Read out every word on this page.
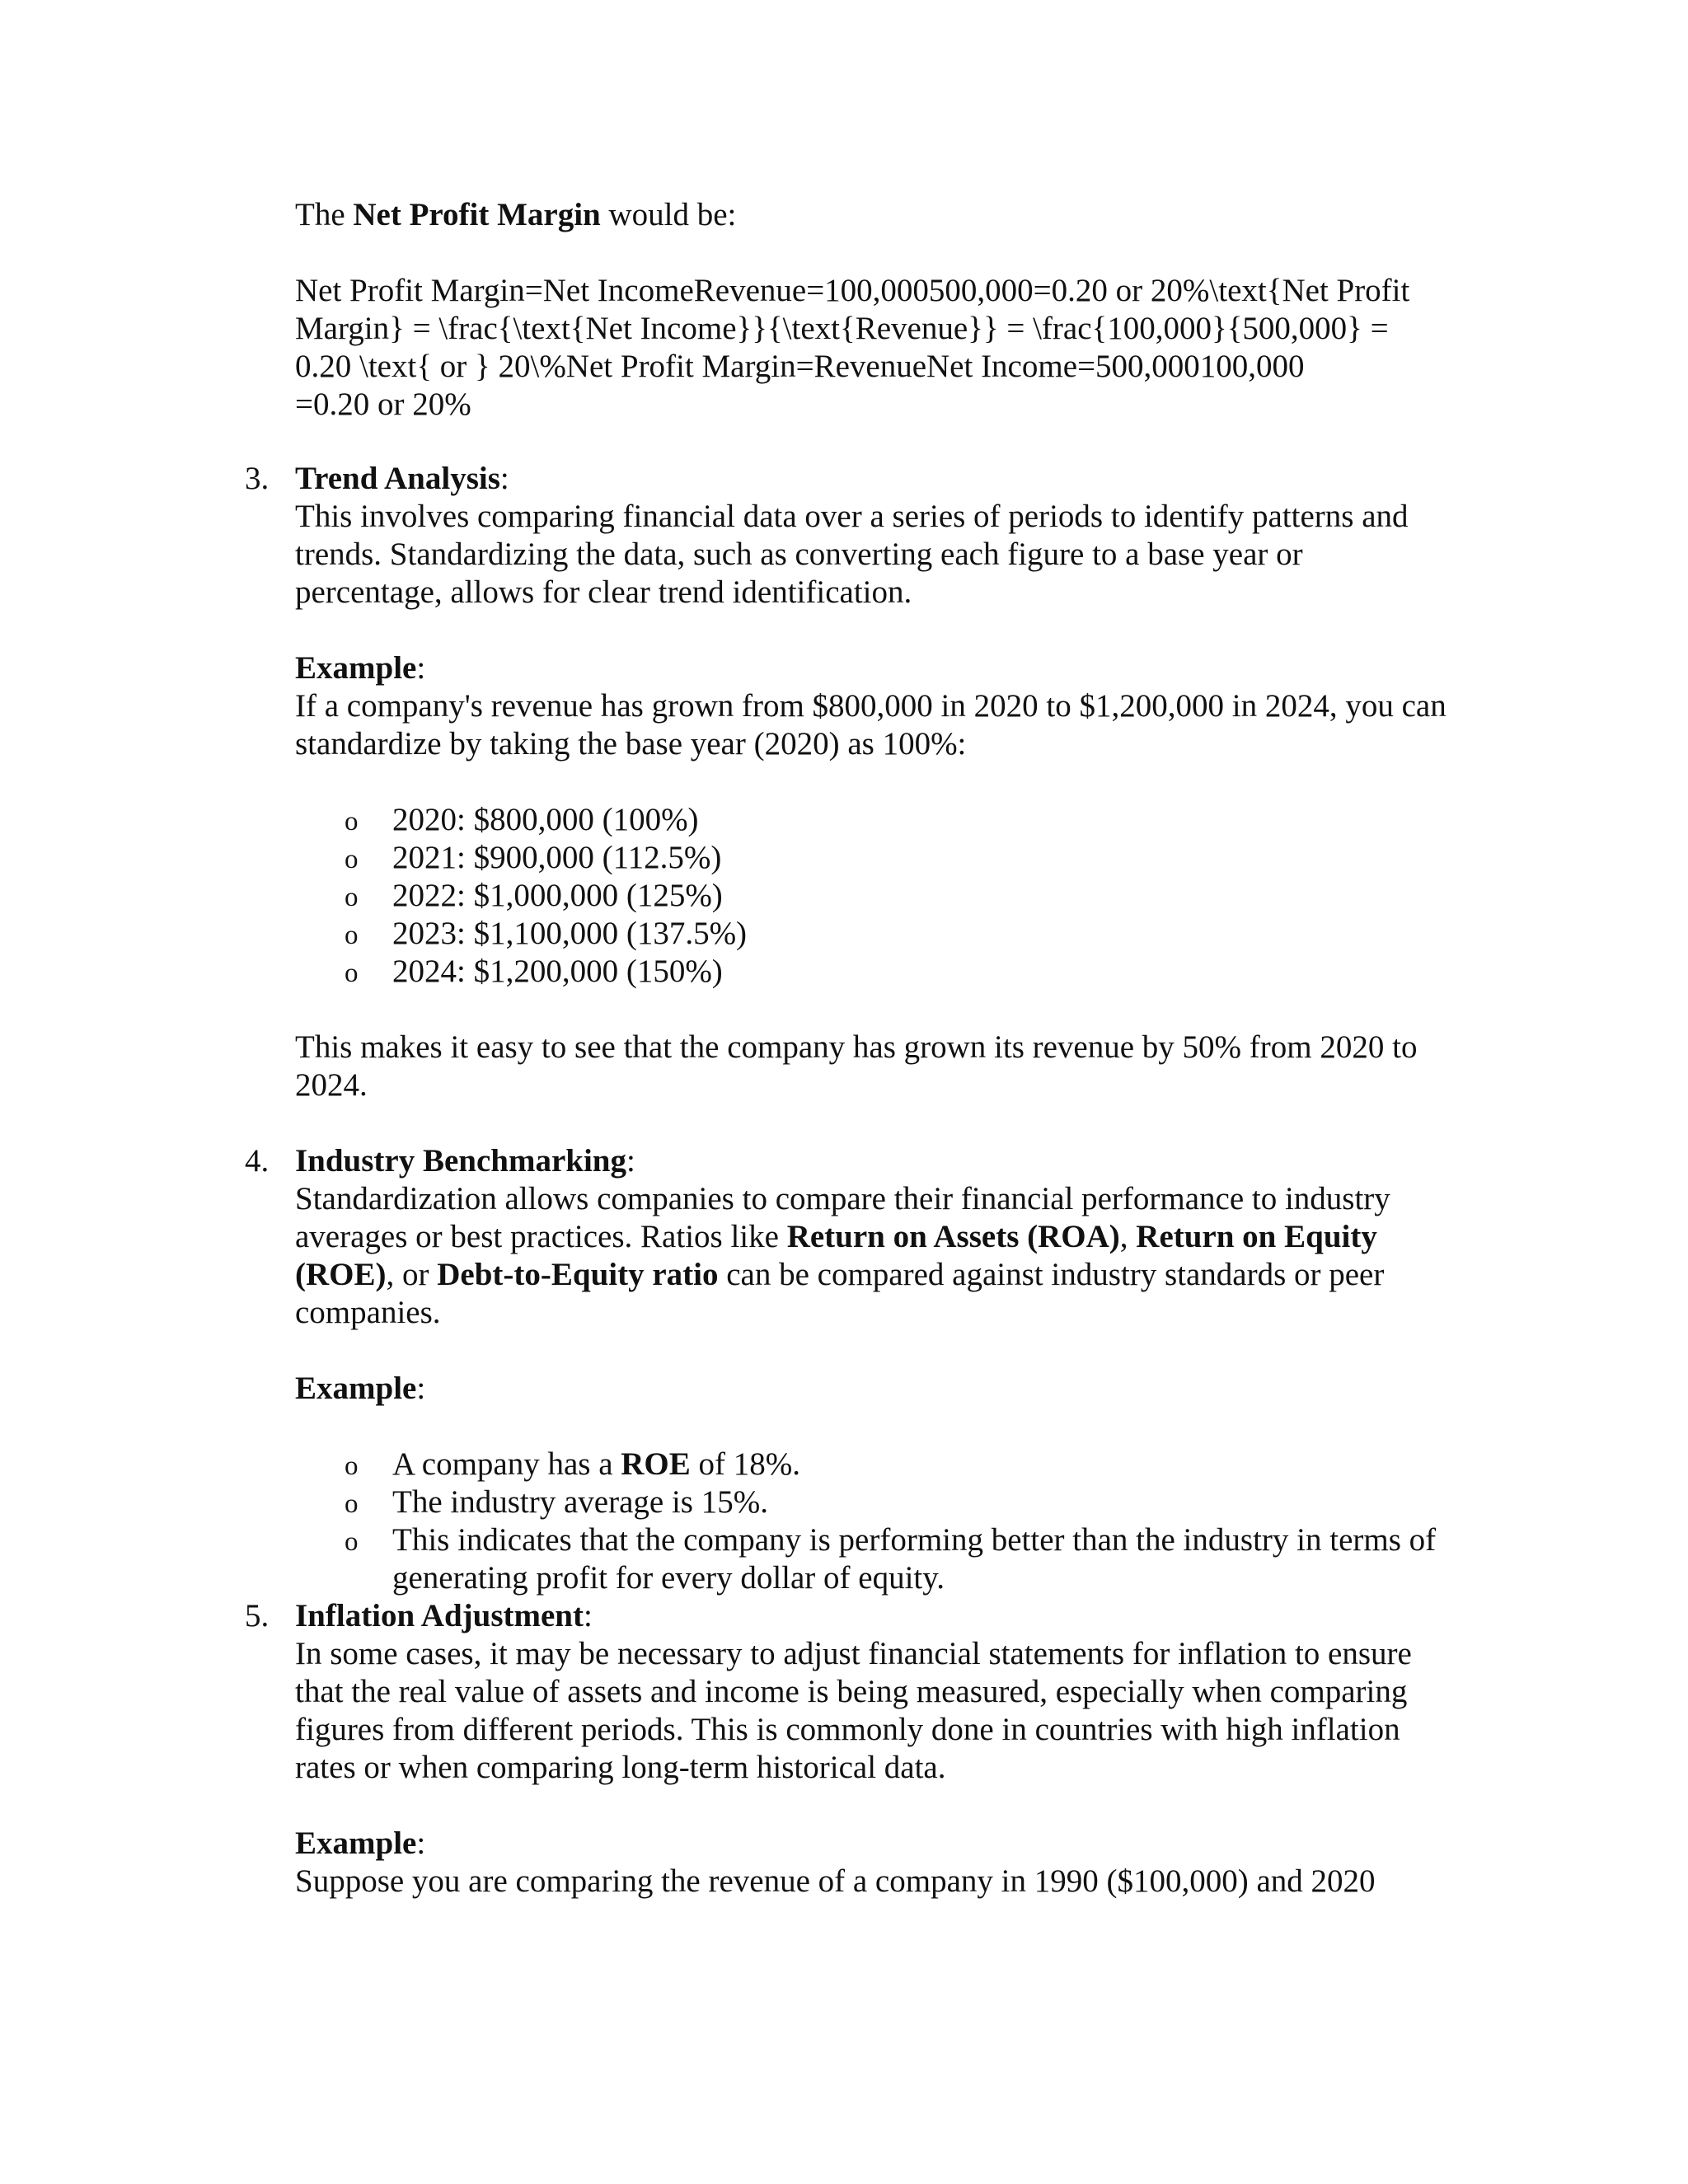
The Net Profit Margin would be:
Net Profit Margin=Net IncomeRevenue=100,000500,000=0.20 or 20%\text{Net Profit
Margin} = \frac{\text{Net Income}}{\text{Revenue}} = \frac{100,000}{500,000} =
0.20 \text{ or } 20\%Net Profit Margin=RevenueNet Income=500,000100,000
=0.20 or 20%
3. Trend Analysis:
This involves comparing financial data over a series of periods to identify patterns and
trends. Standardizing the data, such as converting each figure to a base year or
percentage, allows for clear trend identification.
Example:
If a company's revenue has grown from $800,000 in 2020 to $1,200,000 in 2024, you can
standardize by taking the base year (2020) as 100%:
o 2020: $800,000 (100%)
o 2021: $900,000 (112.5%)
o 2022: $1,000,000 (125%)
o 2023: $1,100,000 (137.5%)
o 2024: $1,200,000 (150%)
This makes it easy to see that the company has grown its revenue by 50% from 2020 to
2024.
4. Industry Benchmarking:
Standardization allows companies to compare their financial performance to industry
averages or best practices. Ratios like Return on Assets (ROA), Return on Equity
(ROE), or Debt-to-Equity ratio can be compared against industry standards or peer
companies.
Example:
o A company has a ROE of 18%.
o The industry average is 15%.
o This indicates that the company is performing better than the industry in terms of
generating profit for every dollar of equity.
5. Inflation Adjustment:
In some cases, it may be necessary to adjust financial statements for inflation to ensure
that the real value of assets and income is being measured, especially when comparing
figures from different periods. This is commonly done in countries with high inflation
rates or when comparing long-term historical data.
Example:
Suppose you are comparing the revenue of a company in 1990 ($100,000) and 2020
